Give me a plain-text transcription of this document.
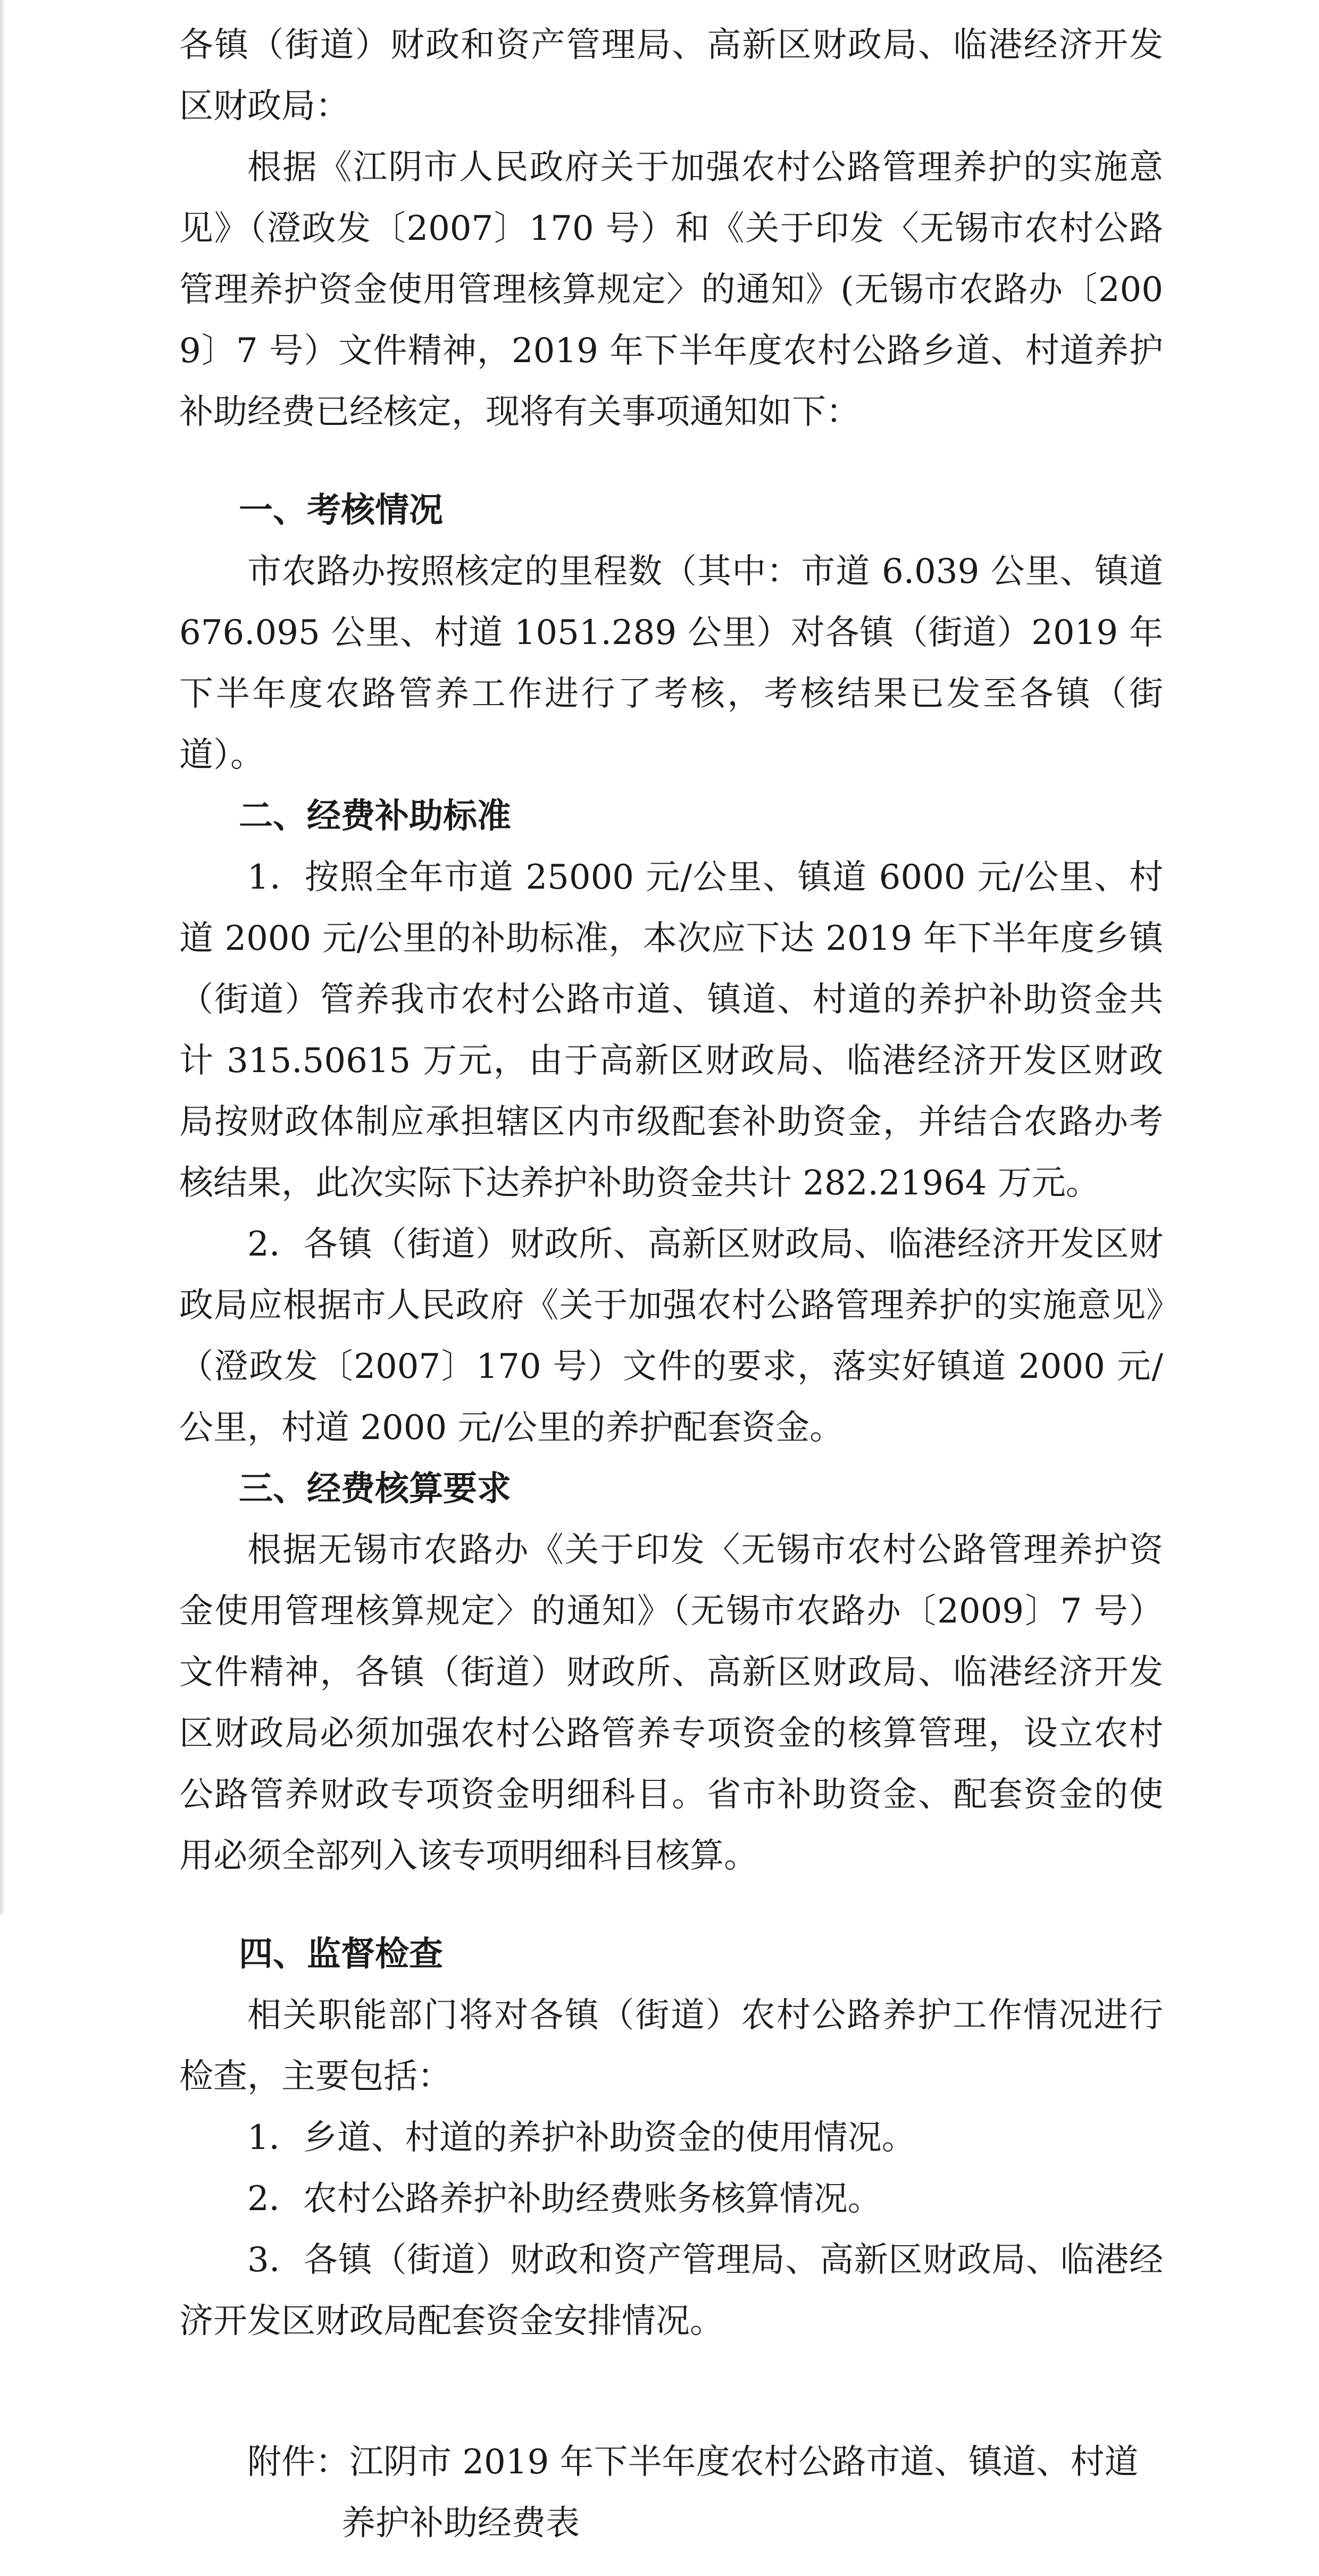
各镇（街道）财政和资产管理局、高新区财政局、临港经济开发区财政局：

根据《江阴市人民政府关于加强农村公路管理养护的实施意见》（澄政发〔2007〕170 号）和《关于印发〈无锡市农村公路管理养护资金使用管理核算规定〉的通知》(无锡市农路办〔2009〕7 号）文件精神，2019 年下半年度农村公路乡道、村道养护补助经费已经核定，现将有关事项通知如下：

一、考核情况

市农路办按照核定的里程数（其中：市道 6.039 公里、镇道 676.095 公里、村道 1051.289 公里）对各镇（街道）2019 年下半年度农路管养工作进行了考核，考核结果已发至各镇（街道）。

二、经费补助标准

1．按照全年市道 25000 元/公里、镇道 6000 元/公里、村道 2000 元/公里的补助标准，本次应下达 2019 年下半年度乡镇（街道）管养我市农村公路市道、镇道、村道的养护补助资金共计 315.50615 万元，由于高新区财政局、临港经济开发区财政局按财政体制应承担辖区内市级配套补助资金，并结合农路办考核结果，此次实际下达养护补助资金共计 282.21964 万元。

2．各镇（街道）财政所、高新区财政局、临港经济开发区财政局应根据市人民政府《关于加强农村公路管理养护的实施意见》（澄政发〔2007〕170 号）文件的要求，落实好镇道 2000 元/公里，村道 2000 元/公里的养护配套资金。

三、经费核算要求

根据无锡市农路办《关于印发〈无锡市农村公路管理养护资金使用管理核算规定〉的通知》（无锡市农路办〔2009〕7 号）文件精神，各镇（街道）财政所、高新区财政局、临港经济开发区财政局必须加强农村公路管养专项资金的核算管理，设立农村公路管养财政专项资金明细科目。省市补助资金、配套资金的使用必须全部列入该专项明细科目核算。

四、监督检查

相关职能部门将对各镇（街道）农村公路养护工作情况进行检查，主要包括：

1．乡道、村道的养护补助资金的使用情况。

2．农村公路养护补助经费账务核算情况。

3．各镇（街道）财政和资产管理局、高新区财政局、临港经济开发区财政局配套资金安排情况。

附件：江阴市 2019 年下半年度农村公路市道、镇道、村道

养护补助经费表
